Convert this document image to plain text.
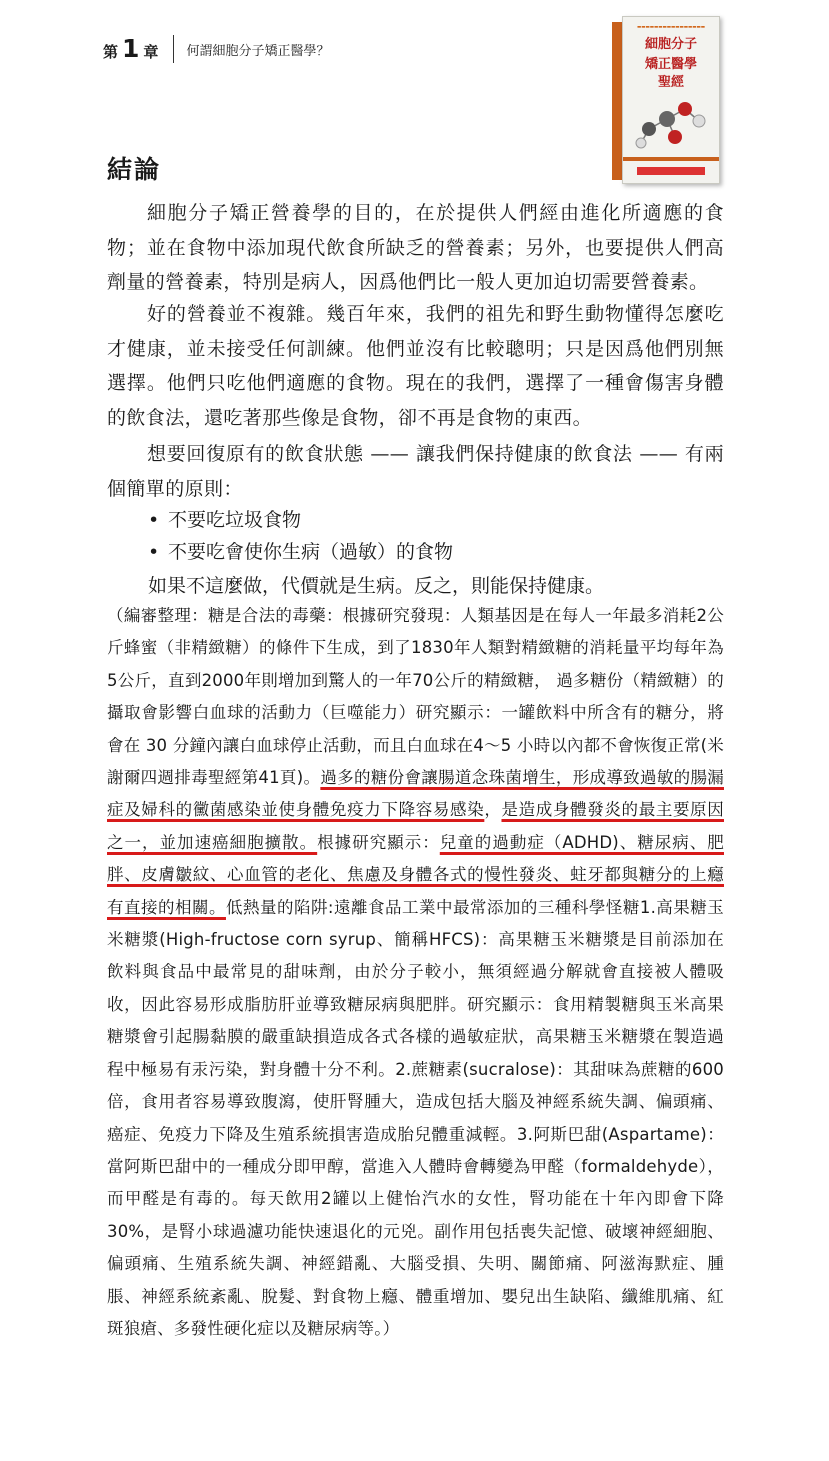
第 1 章 何謂細胞分子矯正醫學？
▬▬▬▬▬▬▬▬▬▬▬▬▬▬▬▬
細胞分子
矯正醫學
聖經
結論
細胞分子矯正營養學的目的，在於提供人們經由進化所適應的食物；並在食物中添加現代飲食所缺乏的營養素；另外，也要提供人們高劑量的營養素，特別是病人，因爲他們比一般人更加迫切需要營養素。
好的營養並不複雜。幾百年來，我們的祖先和野生動物懂得怎麼吃才健康，並未接受任何訓練。他們並沒有比較聰明；只是因爲他們別無選擇。他們只吃他們適應的食物。現在的我們，選擇了一種會傷害身體的飲食法，還吃著那些像是食物，卻不再是食物的東西。
想要回復原有的飲食狀態 —— 讓我們保持健康的飲食法 —— 有兩個簡單的原則：
• 不要吃垃圾食物
• 不要吃會使你生病（過敏）的食物
如果不這麼做，代價就是生病。反之，則能保持健康。
（編審整理：糖是合法的毒藥：根據研究發現：人類基因是在每人一年最多消耗2公斤蜂蜜（非精緻糖）的條件下生成，到了1830年人類對精緻糖的消耗量平均每年為5公斤，直到2000年則增加到驚人的一年70公斤的精緻糖， 過多糖份（精緻糖）的攝取會影響白血球的活動力（巨噬能力）研究顯示：一罐飲料中所含有的糖分，將會在 30 分鐘內讓白血球停止活動，而且白血球在4～5 小時以內都不會恢復正常(米謝爾四週排毒聖經第41頁)。過多的糖份會讓腸道念珠菌增生，形成導致過敏的腸漏症及婦科的黴菌感染並使身體免疫力下降容易感染，是造成身體發炎的最主要原因之一，並加速癌細胞擴散。根據研究顯示：兒童的過動症（ADHD)、糖尿病、肥胖、皮膚皺紋、心血管的老化、焦慮及身體各式的慢性發炎、蛀牙都與糖分的上癮有直接的相關。低熱量的陷阱:遠離食品工業中最常添加的三種科學怪糖1.高果糖玉米糖漿(High-fructose corn syrup、簡稱HFCS)：高果糖玉米糖漿是目前添加在飲料與食品中最常見的甜味劑，由於分子較小，無須經過分解就會直接被人體吸收，因此容易形成脂肪肝並導致糖尿病與肥胖。研究顯示：食用精製糖與玉米高果糖漿會引起腸黏膜的嚴重缺損造成各式各樣的過敏症狀，高果糖玉米糖漿在製造過程中極易有汞污染，對身體十分不利。2.蔗糖素(sucralose)：其甜味為蔗糖的600倍，食用者容易導致腹瀉，使肝腎腫大，造成包括大腦及神經系統失調、偏頭痛、癌症、免疫力下降及生殖系統損害造成胎兒體重減輕。3.阿斯巴甜(Aspartame)：當阿斯巴甜中的一種成分即甲醇，當進入人體時會轉變為甲醛（formaldehyde），而甲醛是有毒的。每天飲用2罐以上健怡汽水的女性，腎功能在十年內即會下降30%，是腎小球過濾功能快速退化的元兇。副作用包括喪失記憶、破壞神經細胞、偏頭痛、生殖系統失調、神經錯亂、大腦受損、失明、關節痛、阿滋海默症、腫脹、神經系統紊亂、脫髮、對食物上癮、體重增加、嬰兒出生缺陷、纖維肌痛、紅斑狼瘡、多發性硬化症以及糖尿病等。）
